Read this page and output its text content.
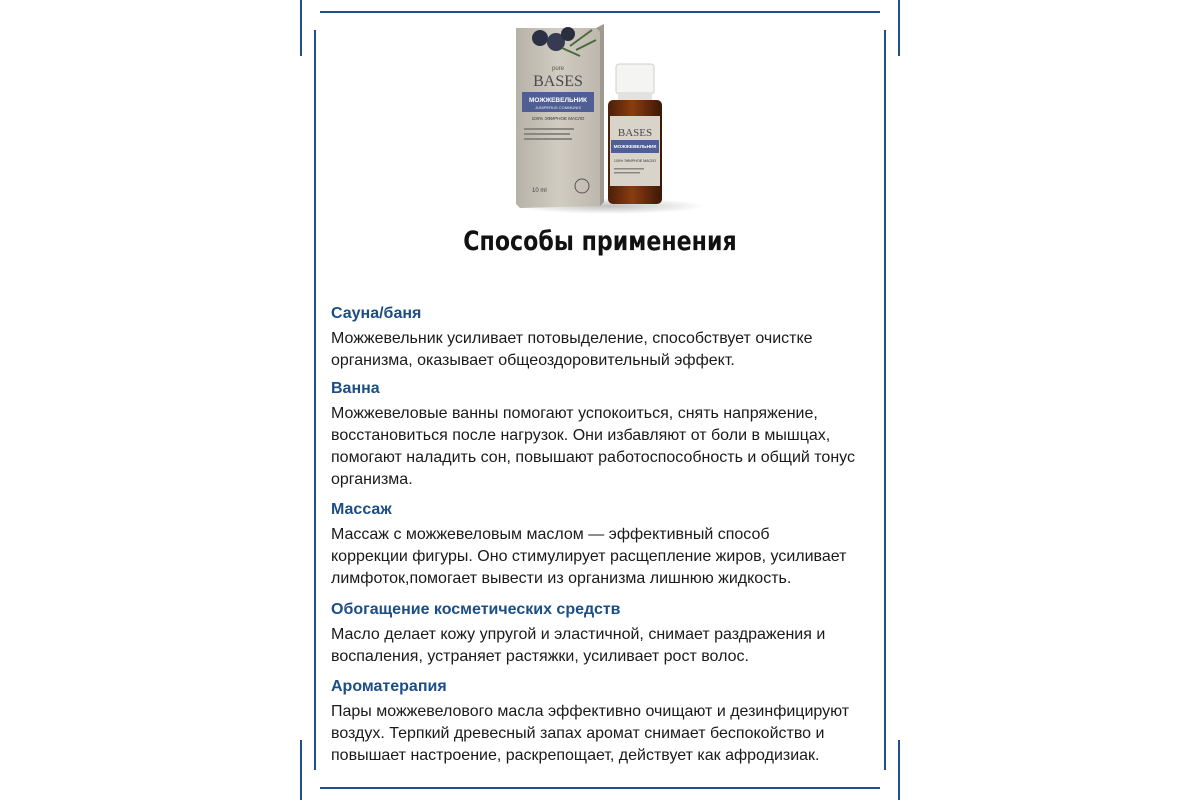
pure
BASES
МОЖЖЕВЕЛЬНИК
JUNIPERUS COMMUNIS
100% ЭФИРНОЕ МАСЛО
10 ml
BASES
МОЖЖЕВЕЛЬНИК
100% ЭФИРНОЕ МАСЛО
Способы применения
Сауна/баня
Можжевельник усиливает потовыделение, способствует очистке
организма, оказывает общеоздоровительный эффект.
Ванна
Можжевеловые ванны помогают успокоиться, снять напряжение,
восстановиться после нагрузок. Они избавляют от боли в мышцах,
помогают наладить сон, повышают работоспособность и общий тонус
организма.
Массаж
Массаж с можжевеловым маслом — эффективный способ
коррекции фигуры. Оно стимулирует расщепление жиров, усиливает
лимфоток,помогает вывести из организма лишнюю жидкость.
Обогащение косметических средств
Масло делает кожу упругой и эластичной, снимает раздражения и
воспаления, устраняет растяжки, усиливает рост волос.
Ароматерапия
Пары можжевелового масла эффективно очищают и дезинфицируют
воздух. Терпкий древесный запах аромат снимает беспокойство и
повышает настроение, раскрепощает, действует как афродизиак.
